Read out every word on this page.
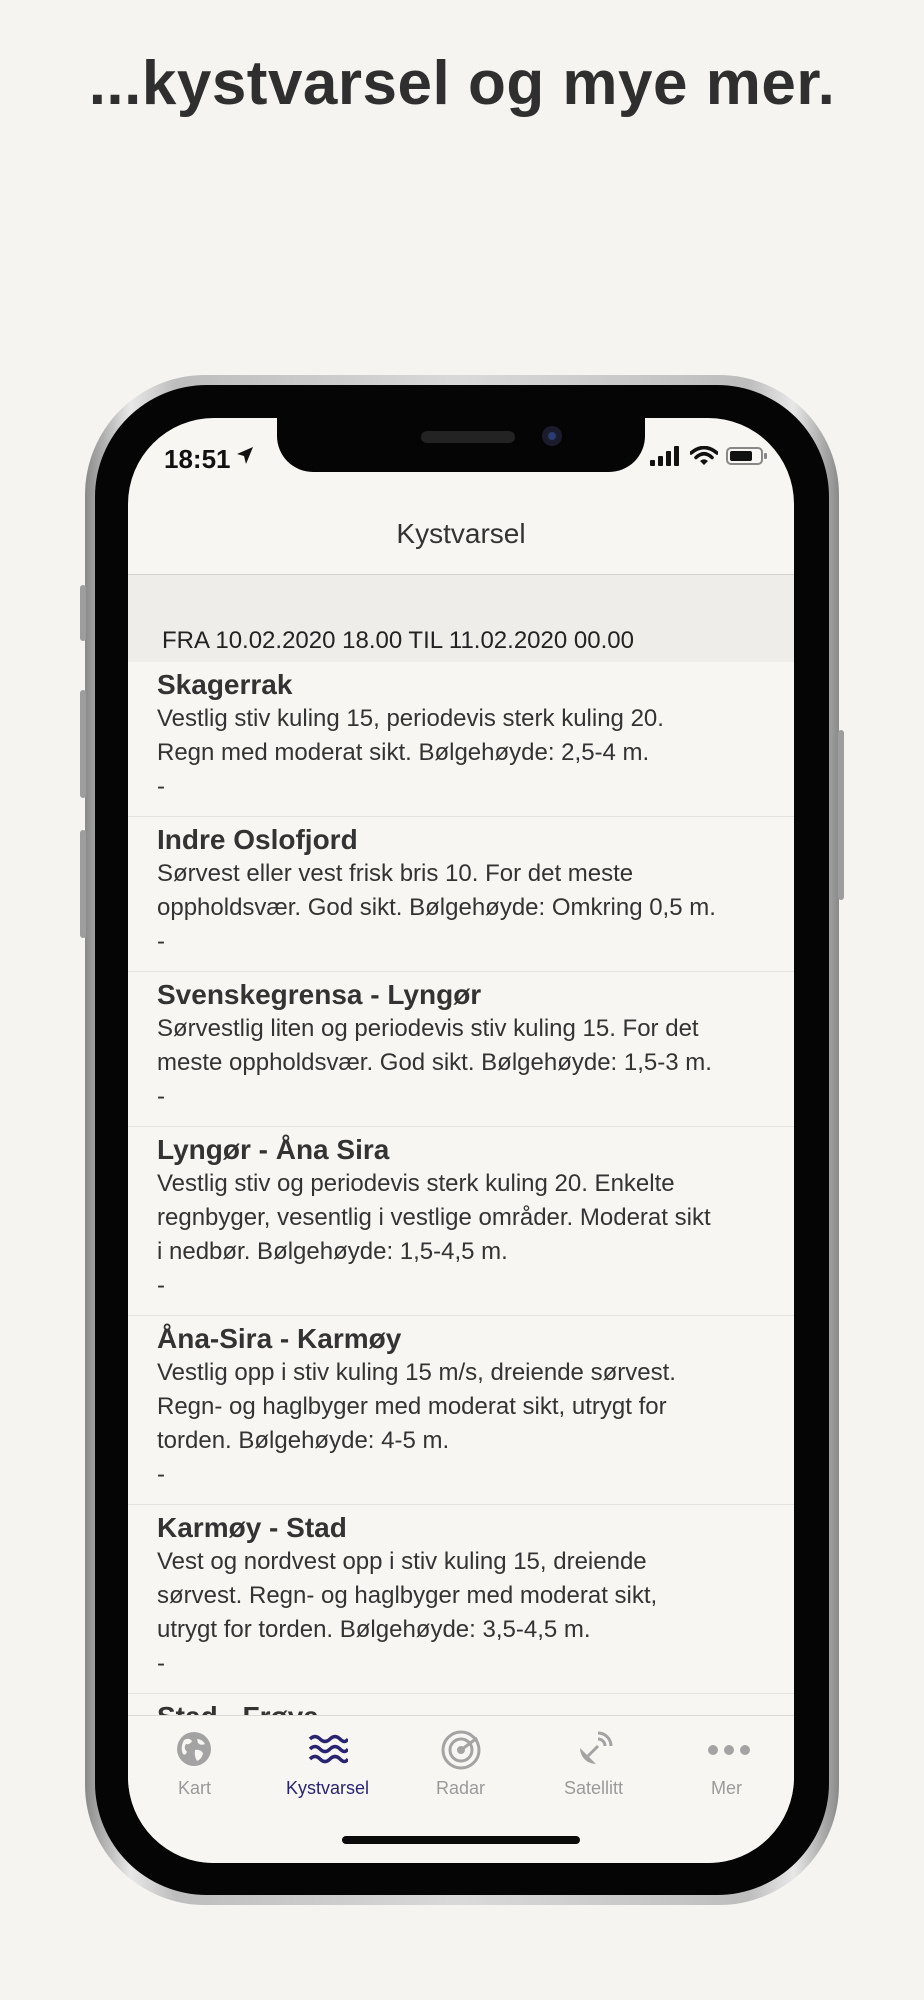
...kystvarsel og mye mer.
18:51
Kystvarsel
FRA 10.02.2020 18.00 TIL 11.02.2020 00.00
Skagerrak
Vestlig stiv kuling 15, periodevis sterk kuling 20.
Regn med moderat sikt. Bølgehøyde: 2,5-4 m.
-
Indre Oslofjord
Sørvest eller vest frisk bris 10. For det meste
oppholdsvær. God sikt. Bølgehøyde: Omkring 0,5 m.
-
Svenskegrensa - Lyngør
Sørvestlig liten og periodevis stiv kuling 15. For det
meste oppholdsvær. God sikt. Bølgehøyde: 1,5-3 m.
-
Lyngør - Åna Sira
Vestlig stiv og periodevis sterk kuling 20. Enkelte
regnbyger, vesentlig i vestlige områder. Moderat sikt
i nedbør. Bølgehøyde: 1,5-4,5 m.
-
Åna-Sira - Karmøy
Vestlig opp i stiv kuling 15 m/s, dreiende sørvest.
Regn- og haglbyger med moderat sikt, utrygt for
torden. Bølgehøyde: 4-5 m.
-
Karmøy - Stad
Vest og nordvest opp i stiv kuling 15, dreiende
sørvest. Regn- og haglbyger med moderat sikt,
utrygt for torden. Bølgehøyde: 3,5-4,5 m.
-
Kart	Kystvarsel	Radar	Satellitt	Mer
